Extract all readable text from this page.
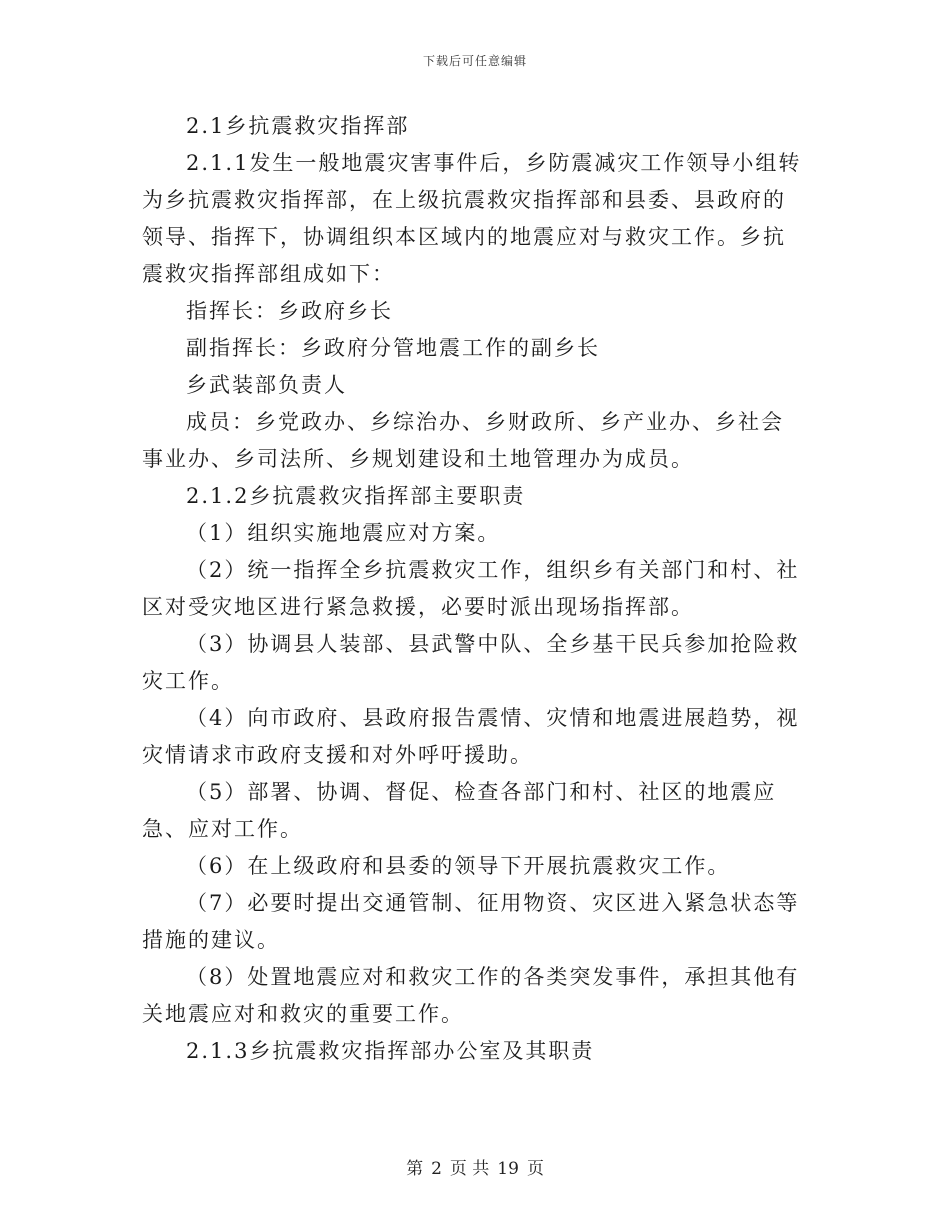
下载后可任意编辑

2.1乡抗震救灾指挥部

2.1.1发生一般地震灾害事件后，乡防震减灾工作领导小组转为乡抗震救灾指挥部，在上级抗震救灾指挥部和县委、县政府的领导、指挥下，协调组织本区域内的地震应对与救灾工作。乡抗震救灾指挥部组成如下：

指挥长：乡政府乡长

副指挥长：乡政府分管地震工作的副乡长

乡武装部负责人

成员：乡党政办、乡综治办、乡财政所、乡产业办、乡社会事业办、乡司法所、乡规划建设和土地管理办为成员。

2.1.2乡抗震救灾指挥部主要职责

（1）组织实施地震应对方案。

（2）统一指挥全乡抗震救灾工作，组织乡有关部门和村、社区对受灾地区进行紧急救援，必要时派出现场指挥部。

（3）协调县人装部、县武警中队、全乡基干民兵参加抢险救灾工作。

（4）向市政府、县政府报告震情、灾情和地震进展趋势，视灾情请求市政府支援和对外呼吁援助。

（5）部署、协调、督促、检查各部门和村、社区的地震应急、应对工作。

（6）在上级政府和县委的领导下开展抗震救灾工作。

（7）必要时提出交通管制、征用物资、灾区进入紧急状态等措施的建议。

（8）处置地震应对和救灾工作的各类突发事件，承担其他有关地震应对和救灾的重要工作。

2.1.3乡抗震救灾指挥部办公室及其职责

第 2 页 共 19 页
